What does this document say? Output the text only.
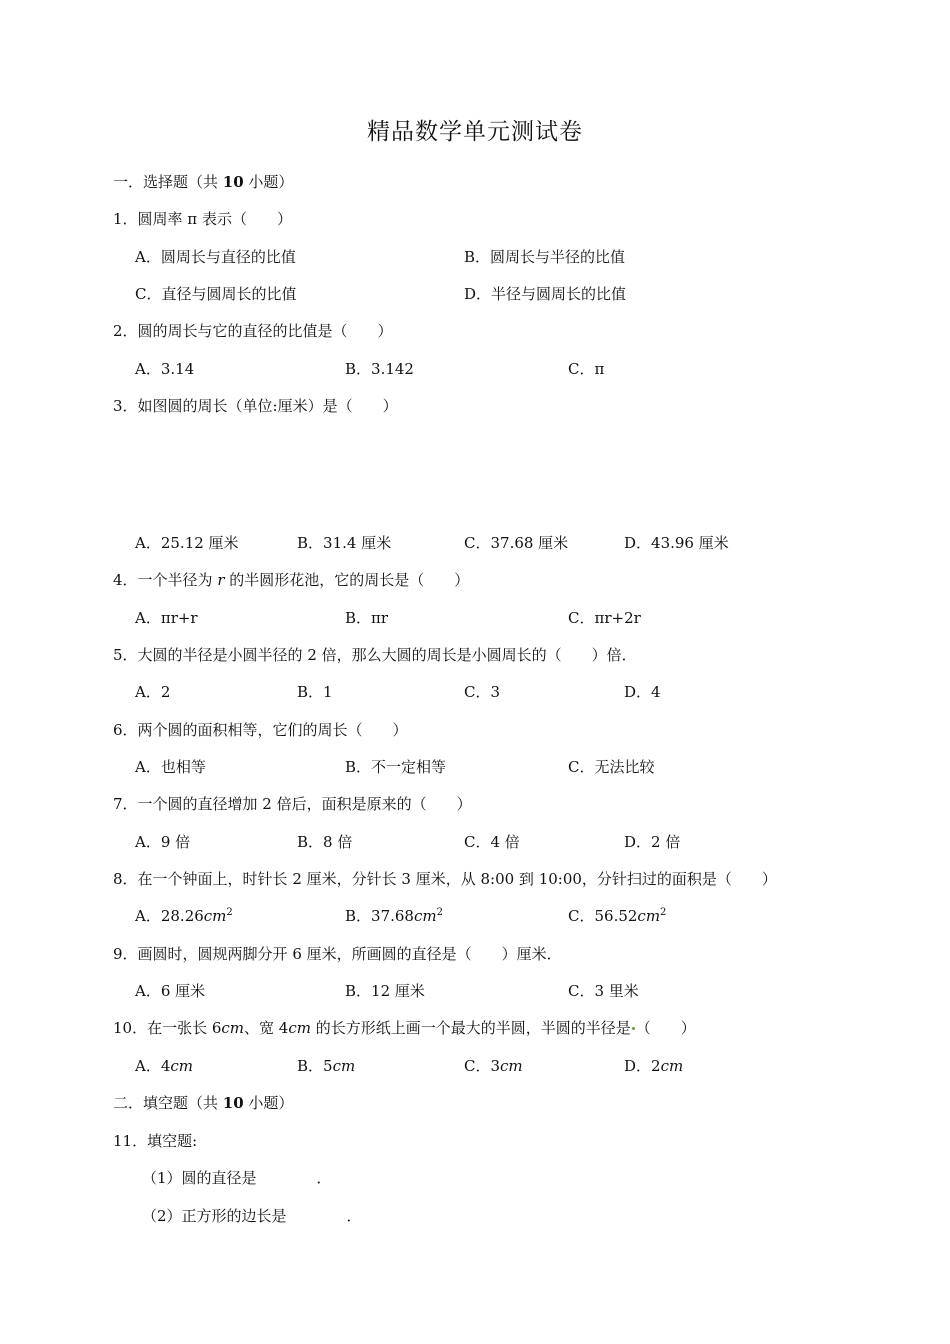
精品数学单元测试卷
一．选择题（共 10 小题）
1．圆周率 π 表示（　　）
A．圆周长与直径的比值	B．圆周长与半径的比值
C．直径与圆周长的比值	D．半径与圆周长的比值
2．圆的周长与它的直径的比值是（　　）
A．3.14	B．3.142	C．π
3．如图圆的周长（单位:厘米）是（　　）
A．25.12 厘米	B．31.4 厘米	C．37.68 厘米	D．43.96 厘米
4．一个半径为 r 的半圆形花池，它的周长是（　　）
A．πr+r	B．πr	C．πr+2r
5．大圆的半径是小圆半径的 2 倍，那么大圆的周长是小圆周长的（　　）倍．
A．2	B．1	C．3	D．4
6．两个圆的面积相等，它们的周长（　　）
A．也相等	B．不一定相等	C．无法比较
7．一个圆的直径增加 2 倍后，面积是原来的（　　）
A．9 倍	B．8 倍	C．4 倍	D．2 倍
8．在一个钟面上，时针长 2 厘米，分针长 3 厘米，从 8:00 到 10:00，分针扫过的面积是（　　）
A．$28.26cm^2$	B．$37.68cm^2$	C．$56.52cm^2$
9．画圆时，圆规两脚分开 6 厘米，所画圆的直径是（　　）厘米．
A．6 厘米	B．12 厘米	C．3 里米
10．在一张长 6cm、宽 4cm 的长方形纸上画一个最大的半圆，半圆的半径是 （　　）
A．4cm	B．5cm	C．3cm	D．2cm
二．填空题（共 10 小题）
11．填空题:
（1）圆的直径是	．
（2）正方形的边长是	．
